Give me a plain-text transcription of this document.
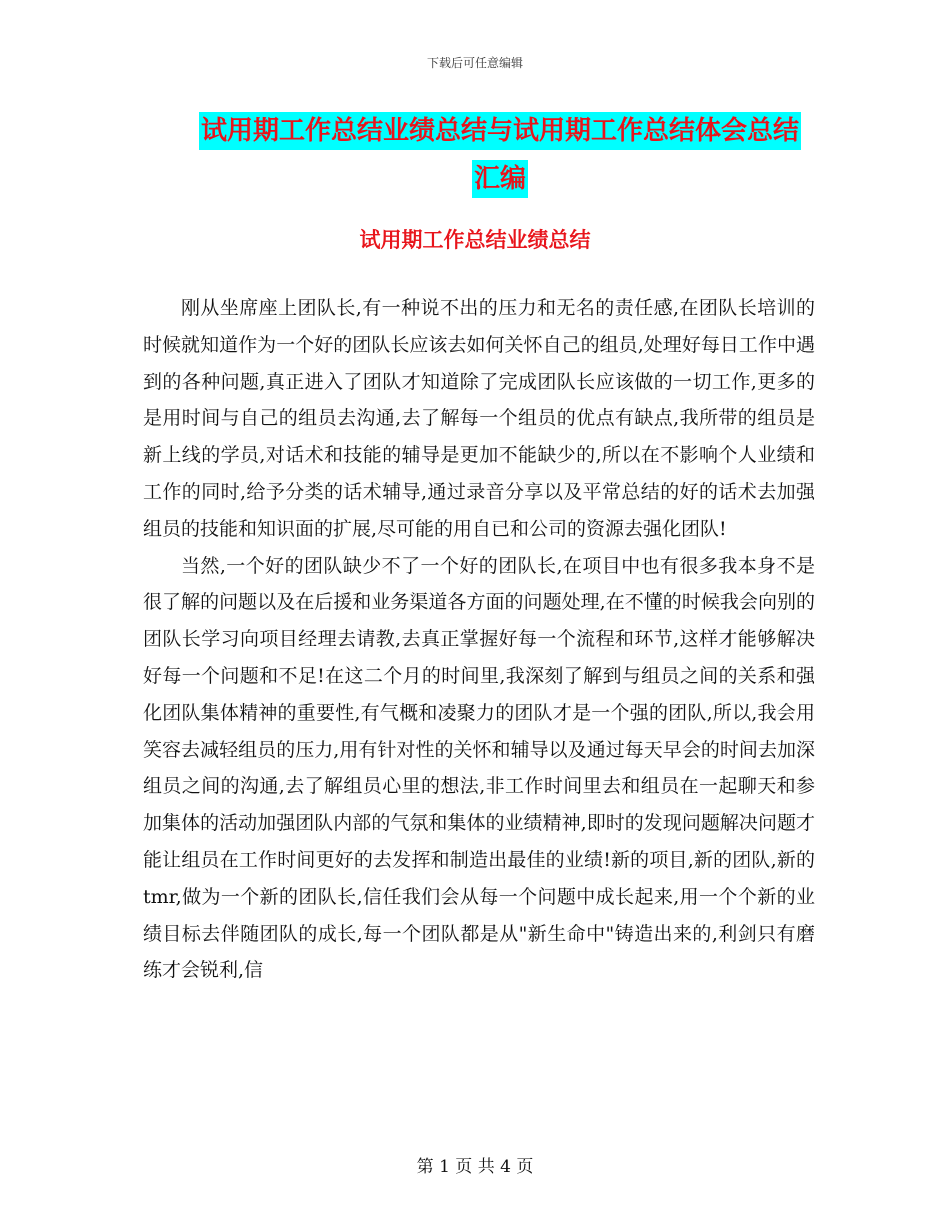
下载后可任意编辑
试用期工作总结业绩总结与试用期工作总结体会总结
汇编
试用期工作总结业绩总结

刚从坐席座上团队长,有一种说不出的压力和无名的责任感,在团队长培训的时候就知道作为一个好的团队长应该去如何关怀自己的组员,处理好每日工作中遇到的各种问题,真正进入了团队才知道除了完成团队长应该做的一切工作,更多的是用时间与自己的组员去沟通,去了解每一个组员的优点有缺点,我所带的组员是新上线的学员,对话术和技能的辅导是更加不能缺少的,所以在不影响个人业绩和工作的同时,给予分类的话术辅导,通过录音分享以及平常总结的好的话术去加强组员的技能和知识面的扩展,尽可能的用自已和公司的资源去强化团队!

当然,一个好的团队缺少不了一个好的团队长,在项目中也有很多我本身不是很了解的问题以及在后援和业务渠道各方面的问题处理,在不懂的时候我会向别的团队长学习向项目经理去请教,去真正掌握好每一个流程和环节,这样才能够解决好每一个问题和不足!在这二个月的时间里,我深刻了解到与组员之间的关系和强化团队集体精神的重要性,有气概和凌聚力的团队才是一个强的团队,所以,我会用笑容去减轻组员的压力,用有针对性的关怀和辅导以及通过每天早会的时间去加深组员之间的沟通,去了解组员心里的想法,非工作时间里去和组员在一起聊天和参加集体的活动加强团队内部的气氛和集体的业绩精神,即时的发现问题解决问题才能让组员在工作时间更好的去发挥和制造出最佳的业绩!新的项目,新的团队,新的tmr,做为一个新的团队长,信任我们会从每一个问题中成长起来,用一个个新的业绩目标去伴随团队的成长,每一个团队都是从"新生命中"铸造出来的,利剑只有磨练才会锐利,信

第 1 页 共 4 页
